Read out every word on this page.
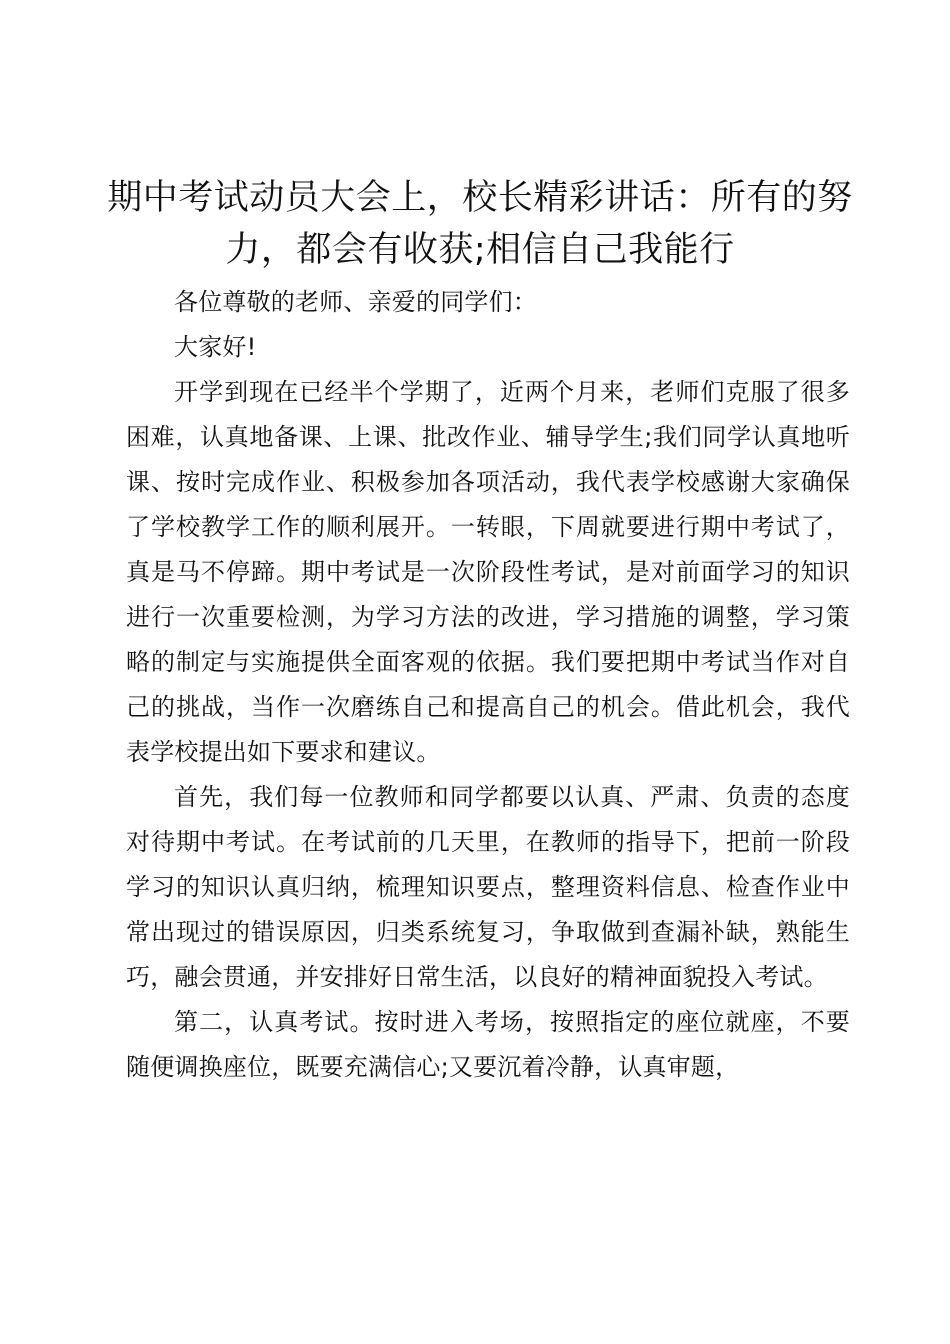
期中考试动员大会上，校长精彩讲话：所有的努力，都会有收获;相信自己我能行

各位尊敬的老师、亲爱的同学们：

大家好!

开学到现在已经半个学期了，近两个月来，老师们克服了很多困难，认真地备课、上课、批改作业、辅导学生;我们同学认真地听课、按时完成作业、积极参加各项活动，我代表学校感谢大家确保了学校教学工作的顺利展开。一转眼，下周就要进行期中考试了，真是马不停蹄。期中考试是一次阶段性考试，是对前面学习的知识进行一次重要检测，为学习方法的改进，学习措施的调整，学习策略的制定与实施提供全面客观的依据。我们要把期中考试当作对自己的挑战，当作一次磨练自己和提高自己的机会。借此机会，我代表学校提出如下要求和建议。

首先，我们每一位教师和同学都要以认真、严肃、负责的态度对待期中考试。在考试前的几天里，在教师的指导下，把前一阶段学习的知识认真归纳，梳理知识要点，整理资料信息、检查作业中常出现过的错误原因，归类系统复习，争取做到查漏补缺，熟能生巧，融会贯通，并安排好日常生活，以良好的精神面貌投入考试。

第二，认真考试。按时进入考场，按照指定的座位就座，不要随便调换座位，既要充满信心;又要沉着冷静，认真审题，
